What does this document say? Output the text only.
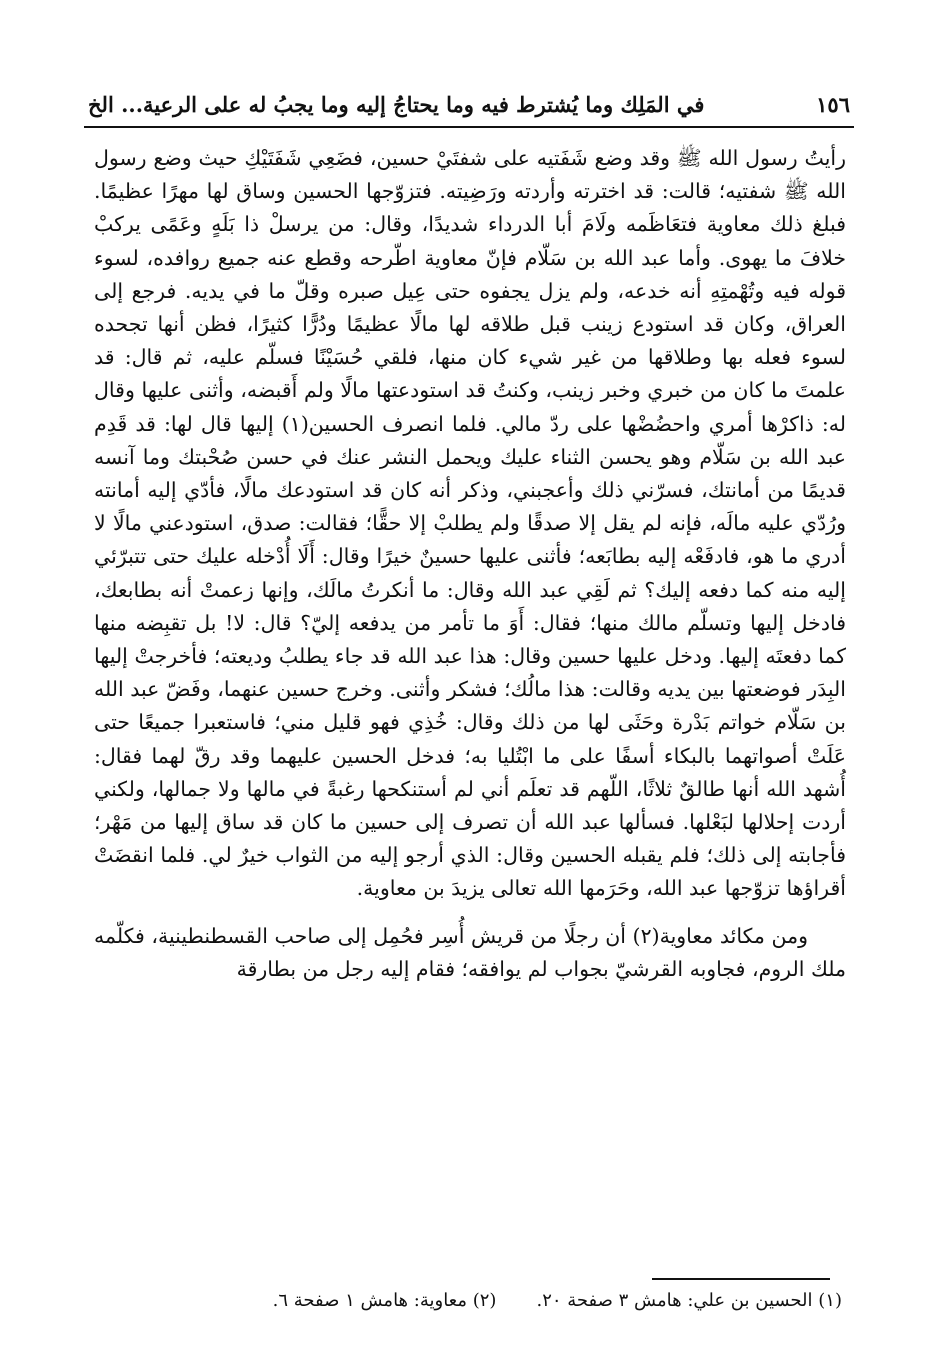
١٥٦
في المَلِك وما يُشترط فيه وما يحتاجُ إليه وما يجبُ له على الرعية... الخ

رأيتُ رسول الله ﷺ وقد وضع شَفَتيه على شفتَيْ حسين، فضَعِي شَفَتَيْكِ حيث وضع رسول الله ﷺ شفتيه؛ قالت: قد اخترته وأردته ورَضِيته. فتزوّجها الحسين وساق لها مهرًا عظيمًا. فبلغ ذلك معاوية فتعَاظَمه ولَامَ أبا الدرداء شديدًا، وقال: من يرسلْ ذا بَلَهٍ وعَمًى يركبْ خلافَ ما يهوى. وأما عبد الله بن سَلّام فإنّ معاوية اطّرحه وقطع عنه جميع روافده، لسوء قوله فيه وتُهْمتِهِ أنه خدعه، ولم يزل يجفوه حتى عِيل صبره وقلّ ما في يديه. فرجع إلى العراق، وكان قد استودع زينب قبل طلاقه لها مالًا عظيمًا ودُرًّا كثيرًا، فظن أنها تجحده لسوء فعله بها وطلاقها من غير شيء كان منها، فلقي حُسَيْنًا فسلّم عليه، ثم قال: قد علمتَ ما كان من خبري وخبر زينب، وكنتُ قد استودعتها مالًا ولم أَقبضه، وأثنى عليها وقال له: ذاكرْها أمري واحضُضْها على ردّ مالي. فلما انصرف الحسين(١) إليها قال لها: قد قَدِم عبد الله بن سَلّام وهو يحسن الثناء عليك ويحمل النشر عنك في حسن صُحْبتك وما آنسه قديمًا من أمانتك، فسرّني ذلك وأعجبني، وذكر أنه كان قد استودعك مالًا، فأدّي إليه أمانته ورُدّي عليه مالَه، فإنه لم يقل إلا صدقًا ولم يطلبْ إلا حقًّا؛ فقالت: صدق، استودعني مالًا لا أدري ما هو، فادفَعْه إليه بطابَعه؛ فأثنى عليها حسينٌ خيرًا وقال: أَلَا أُدْخله عليك حتى تتبرّئي إليه منه كما دفعه إليك؟ ثم لَقِي عبد الله وقال: ما أنكرتُ مالَك، وإنها زعمتْ أنه بطابعك، فادخل إليها وتسلّم مالك منها؛ فقال: أَوَ ما تأمر من يدفعه إليّ؟ قال: لا! بل تقبِضه منها كما دفعتَه إليها. ودخل عليها حسين وقال: هذا عبد الله قد جاء يطلبُ وديعته؛ فأخرجتْ إليها البِدَر فوضعتها بين يديه وقالت: هذا مالُك؛ فشكر وأثنى. وخرج حسين عنهما، وفَضّ عبد الله بن سَلّام خواتم بَدْرة وحَثَى لها من ذلك وقال: خُذِي فهو قليل مني؛ فاستعبرا جميعًا حتى عَلَتْ أصواتهما بالبكاء أسفًا على ما ابْتُليا به؛ فدخل الحسين عليهما وقد رقّ لهما فقال: أُشهد الله أنها طالقٌ ثلاثًا، اللّهم قد تعلَم أني لم أستنكحها رغبةً في مالها ولا جمالها، ولكني أردت إحلالها لبَعْلها. فسألها عبد الله أن تصرف إلى حسين ما كان قد ساق إليها من مَهْر؛ فأجابته إلى ذلك؛ فلم يقبله الحسين وقال: الذي أرجو إليه من الثواب خيرٌ لي. فلما انقضَتْ أقراؤها تزوّجها عبد الله، وحَرَمها الله تعالى يزيدَ بن معاوية.

ومن مكائد معاوية(٢) أن رجلًا من قريش أُسِر فحُمِل إلى صاحب القسطنطينية، فكلّمه ملك الروم، فجاوبه القرشيّ بجواب لم يوافقه؛ فقام إليه رجل من بطارقة

(١) الحسين بن علي: هامش ٣ صفحة ٢٠.
(٢) معاوية: هامش ١ صفحة ٦.
